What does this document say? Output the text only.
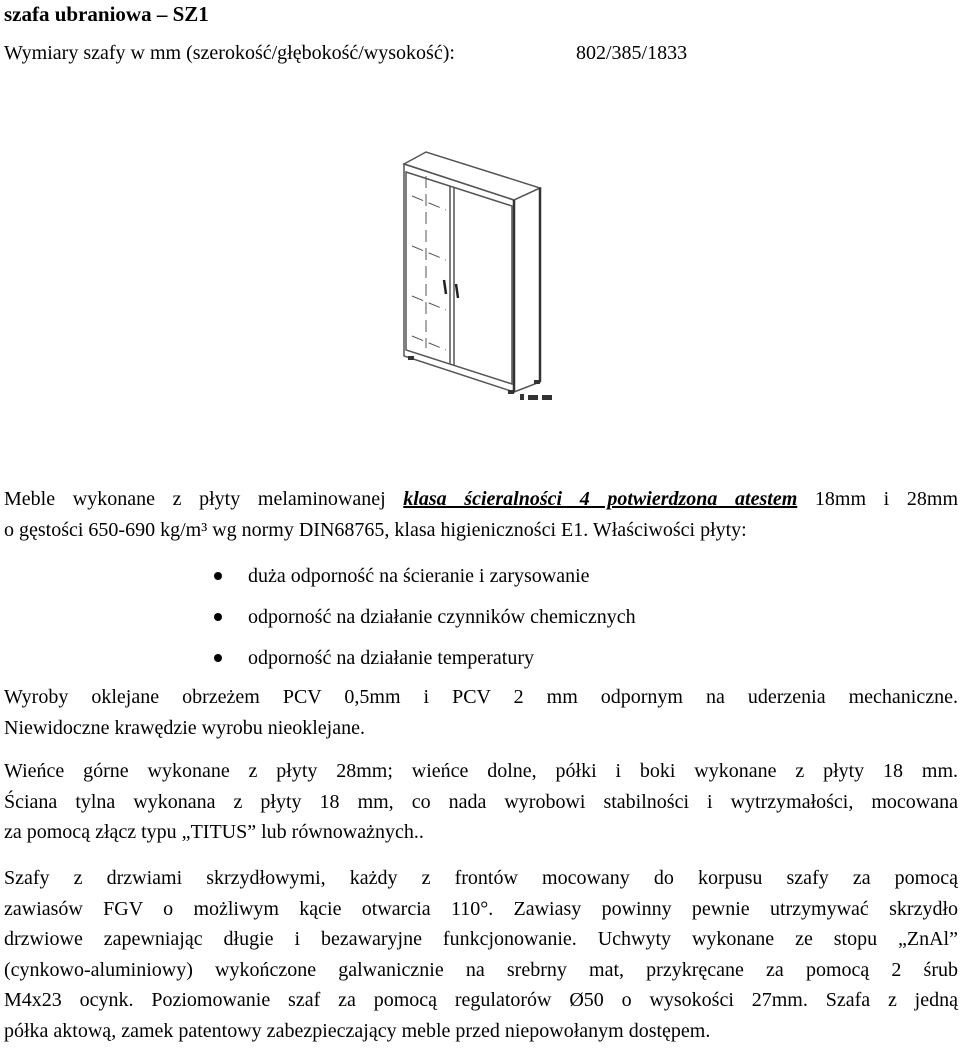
szafa ubraniowa – SZ1
Wymiary szafy w mm (szerokość/głębokość/wysokość):	802/385/1833
Meble wykonane z płyty melaminowanej klasa ścieralności 4 potwierdzona atestem 18mm i 28mm
o gęstości 650-690 kg/m³ wg normy DIN68765, klasa higieniczności E1. Właściwości płyty:
duża odporność na ścieranie i zarysowanie
odporność na działanie czynników chemicznych
odporność na działanie temperatury
Wyroby oklejane obrzeżem PCV 0,5mm i PCV 2 mm odpornym na uderzenia mechaniczne.
Niewidoczne krawędzie wyrobu nieoklejane.
Wieńce górne wykonane z płyty 28mm; wieńce dolne, półki i boki wykonane z płyty 18 mm.
Ściana tylna wykonana z płyty 18 mm, co nada wyrobowi stabilności i wytrzymałości, mocowana
za pomocą złącz typu „TITUS” lub równoważnych..
Szafy z drzwiami skrzydłowymi, każdy z frontów mocowany do korpusu szafy za pomocą
zawiasów FGV o możliwym kącie otwarcia 110°. Zawiasy powinny pewnie utrzymywać skrzydło
drzwiowe zapewniając długie i bezawaryjne funkcjonowanie. Uchwyty wykonane ze stopu „ZnAl”
(cynkowo-aluminiowy) wykończone galwanicznie na srebrny mat, przykręcane za pomocą 2 śrub
M4x23 ocynk. Poziomowanie szaf za pomocą regulatorów Ø50 o wysokości 27mm. Szafa z jedną
półka aktową, zamek patentowy zabezpieczający meble przed niepowołanym dostępem.
